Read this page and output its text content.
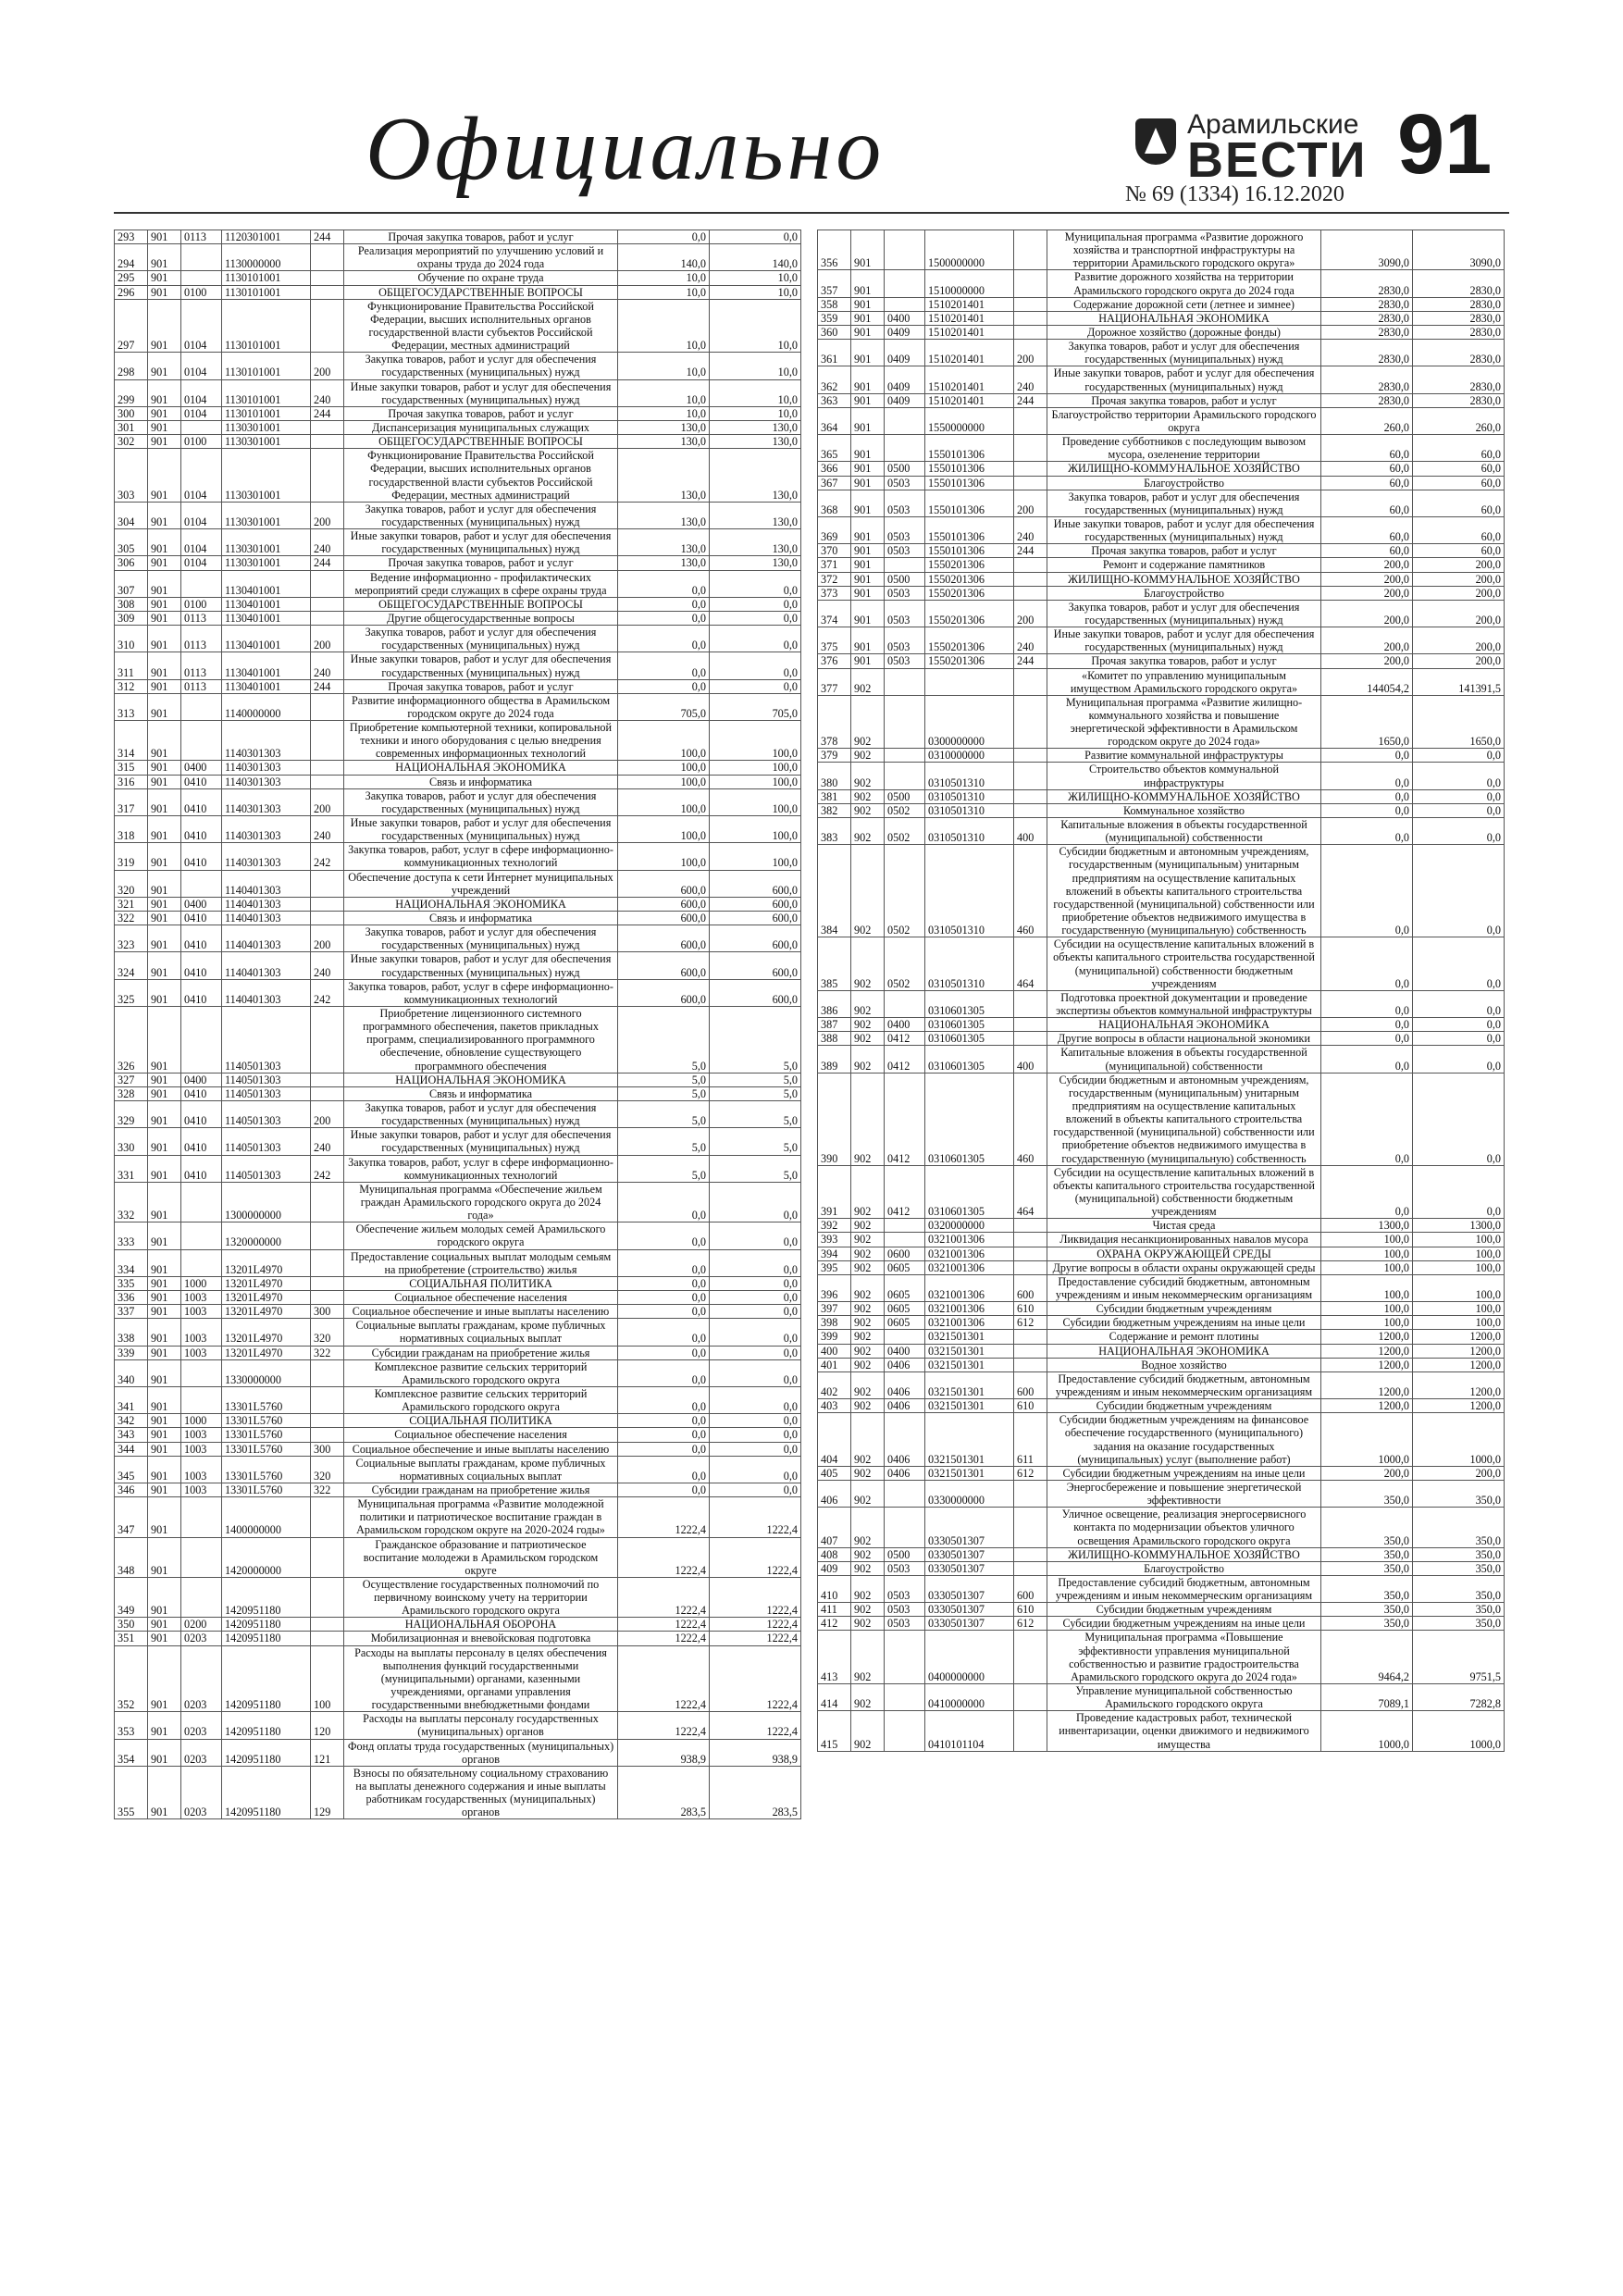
Официально	Арамильские
ВЕСТИ 91
№ 69 (1334) 16.12.2020
293	901	0113	1120301001	244	Прочая закупка товаров, работ и услуг	0,0	0,0
294	901		1130000000		Реализация мероприятий по улучшению условий и охраны труда до 2024 года	140,0	140,0
295	901		1130101001		Обучение по охране труда	10,0	10,0
296	901	0100	1130101001		ОБЩЕГОСУДАРСТВЕННЫЕ ВОПРОСЫ	10,0	10,0
297	901	0104	1130101001		Функционирование Правительства Российской Федерации, высших исполнительных органов государственной власти субъектов Российской Федерации, местных администраций	10,0	10,0
298	901	0104	1130101001	200	Закупка товаров, работ и услуг для обеспечения государственных (муниципальных) нужд	10,0	10,0
299	901	0104	1130101001	240	Иные закупки товаров, работ и услуг для обеспечения государственных (муниципальных) нужд	10,0	10,0
300	901	0104	1130101001	244	Прочая закупка товаров, работ и услуг	10,0	10,0
301	901		1130301001		Диспансеризация муниципальных служащих	130,0	130,0
302	901	0100	1130301001		ОБЩЕГОСУДАРСТВЕННЫЕ ВОПРОСЫ	130,0	130,0
303	901	0104	1130301001		Функционирование Правительства Российской Федерации, высших исполнительных органов государственной власти субъектов Российской Федерации, местных администраций	130,0	130,0
304	901	0104	1130301001	200	Закупка товаров, работ и услуг для обеспечения государственных (муниципальных) нужд	130,0	130,0
305	901	0104	1130301001	240	Иные закупки товаров, работ и услуг для обеспечения государственных (муниципальных) нужд	130,0	130,0
306	901	0104	1130301001	244	Прочая закупка товаров, работ и услуг	130,0	130,0
307	901		1130401001		Ведение информационно - профилактических мероприятий среди служащих в сфере охраны труда	0,0	0,0
308	901	0100	1130401001		ОБЩЕГОСУДАРСТВЕННЫЕ ВОПРОСЫ	0,0	0,0
309	901	0113	1130401001		Другие общегосударственные вопросы	0,0	0,0
310	901	0113	1130401001	200	Закупка товаров, работ и услуг для обеспечения государственных (муниципальных) нужд	0,0	0,0
311	901	0113	1130401001	240	Иные закупки товаров, работ и услуг для обеспечения государственных (муниципальных) нужд	0,0	0,0
312	901	0113	1130401001	244	Прочая закупка товаров, работ и услуг	0,0	0,0
313	901		1140000000		Развитие информационного общества в Арамильском городском округе до 2024 года	705,0	705,0
314	901		1140301303		Приобретение компьютерной техники, копировальной техники и иного оборудования с целью внедрения современных информационных технологий	100,0	100,0
315	901	0400	1140301303		НАЦИОНАЛЬНАЯ ЭКОНОМИКА	100,0	100,0
316	901	0410	1140301303		Связь и информатика	100,0	100,0
317	901	0410	1140301303	200	Закупка товаров, работ и услуг для обеспечения государственных (муниципальных) нужд	100,0	100,0
318	901	0410	1140301303	240	Иные закупки товаров, работ и услуг для обеспечения государственных (муниципальных) нужд	100,0	100,0
319	901	0410	1140301303	242	Закупка товаров, работ, услуг в сфере информационно-коммуникационных технологий	100,0	100,0
320	901		1140401303		Обеспечение доступа к сети Интернет муниципальных учреждений	600,0	600,0
321	901	0400	1140401303		НАЦИОНАЛЬНАЯ ЭКОНОМИКА	600,0	600,0
322	901	0410	1140401303		Связь и информатика	600,0	600,0
323	901	0410	1140401303	200	Закупка товаров, работ и услуг для обеспечения государственных (муниципальных) нужд	600,0	600,0
324	901	0410	1140401303	240	Иные закупки товаров, работ и услуг для обеспечения государственных (муниципальных) нужд	600,0	600,0
325	901	0410	1140401303	242	Закупка товаров, работ, услуг в сфере информационно-коммуникационных технологий	600,0	600,0
326	901		1140501303		Приобретение лицензионного системного программного обеспечения, пакетов прикладных программ, специализированного программного обеспечение, обновление существующего программного обеспечения	5,0	5,0
327	901	0400	1140501303		НАЦИОНАЛЬНАЯ ЭКОНОМИКА	5,0	5,0
328	901	0410	1140501303		Связь и информатика	5,0	5,0
329	901	0410	1140501303	200	Закупка товаров, работ и услуг для обеспечения государственных (муниципальных) нужд	5,0	5,0
330	901	0410	1140501303	240	Иные закупки товаров, работ и услуг для обеспечения государственных (муниципальных) нужд	5,0	5,0
331	901	0410	1140501303	242	Закупка товаров, работ, услуг в сфере информационно-коммуникационных технологий	5,0	5,0
332	901		1300000000		Муниципальная программа «Обеспечение жильем граждан Арамильского городского округа до 2024 года»	0,0	0,0
333	901		1320000000		Обеспечение жильем молодых семей Арамильского городского округа	0,0	0,0
334	901		13201L4970		Предоставление социальных выплат молодым семьям на приобретение (строительство) жилья	0,0	0,0
335	901	1000	13201L4970		СОЦИАЛЬНАЯ ПОЛИТИКА	0,0	0,0
336	901	1003	13201L4970		Социальное обеспечение населения	0,0	0,0
337	901	1003	13201L4970	300	Социальное обеспечение и иные выплаты населению	0,0	0,0
338	901	1003	13201L4970	320	Социальные выплаты гражданам, кроме публичных нормативных социальных выплат	0,0	0,0
339	901	1003	13201L4970	322	Субсидии гражданам на приобретение жилья	0,0	0,0
340	901		1330000000		Комплексное развитие сельских территорий Арамильского городского округа	0,0	0,0
341	901		13301L5760		Комплексное развитие сельских территорий Арамильского городского округа	0,0	0,0
342	901	1000	13301L5760		СОЦИАЛЬНАЯ ПОЛИТИКА	0,0	0,0
343	901	1003	13301L5760		Социальное обеспечение населения	0,0	0,0
344	901	1003	13301L5760	300	Социальное обеспечение и иные выплаты населению	0,0	0,0
345	901	1003	13301L5760	320	Социальные выплаты гражданам, кроме публичных нормативных социальных выплат	0,0	0,0
346	901	1003	13301L5760	322	Субсидии гражданам на приобретение жилья	0,0	0,0
347	901		1400000000		Муниципальная программа «Развитие молодежной политики и патриотическое воспитание граждан в Арамильском городском округе на 2020-2024 годы»	1222,4	1222,4
348	901		1420000000		Гражданское образование и патриотическое воспитание молодежи в Арамильском городском округе	1222,4	1222,4
349	901		1420951180		Осуществление государственных полномочий по первичному воинскому учету на территории Арамильского городского округа	1222,4	1222,4
350	901	0200	1420951180		НАЦИОНАЛЬНАЯ ОБОРОНА	1222,4	1222,4
351	901	0203	1420951180		Мобилизационная и вневойсковая подготовка	1222,4	1222,4
352	901	0203	1420951180	100	Расходы на выплаты персоналу в целях обеспечения выполнения функций государственными (муниципальными) органами, казенными учреждениями, органами управления государственными внебюджетными фондами	1222,4	1222,4
353	901	0203	1420951180	120	Расходы на выплаты персоналу государственных (муниципальных) органов	1222,4	1222,4
354	901	0203	1420951180	121	Фонд оплаты труда государственных (муниципальных) органов	938,9	938,9
355	901	0203	1420951180	129	Взносы по обязательному социальному страхованию на выплаты денежного содержания и иные выплаты работникам государственных (муниципальных) органов	283,5	283,5
356	901		1500000000		Муниципальная программа «Развитие дорожного хозяйства и транспортной инфраструктуры на территории Арамильского городского округа»	3090,0	3090,0
357	901		1510000000		Развитие дорожного хозяйства на территории Арамильского городского округа до 2024 года	2830,0	2830,0
358	901		1510201401		Содержание дорожной сети (летнее и зимнее)	2830,0	2830,0
359	901	0400	1510201401		НАЦИОНАЛЬНАЯ ЭКОНОМИКА	2830,0	2830,0
360	901	0409	1510201401		Дорожное хозяйство (дорожные фонды)	2830,0	2830,0
361	901	0409	1510201401	200	Закупка товаров, работ и услуг для обеспечения государственных (муниципальных) нужд	2830,0	2830,0
362	901	0409	1510201401	240	Иные закупки товаров, работ и услуг для обеспечения государственных (муниципальных) нужд	2830,0	2830,0
363	901	0409	1510201401	244	Прочая закупка товаров, работ и услуг	2830,0	2830,0
364	901		1550000000		Благоустройство территории Арамильского городского округа	260,0	260,0
365	901		1550101306		Проведение субботников с последующим вывозом мусора, озеленение территории	60,0	60,0
366	901	0500	1550101306		ЖИЛИЩНО-КОММУНАЛЬНОЕ ХОЗЯЙСТВО	60,0	60,0
367	901	0503	1550101306		Благоустройство	60,0	60,0
368	901	0503	1550101306	200	Закупка товаров, работ и услуг для обеспечения государственных (муниципальных) нужд	60,0	60,0
369	901	0503	1550101306	240	Иные закупки товаров, работ и услуг для обеспечения государственных (муниципальных) нужд	60,0	60,0
370	901	0503	1550101306	244	Прочая закупка товаров, работ и услуг	60,0	60,0
371	901		1550201306		Ремонт и содержание памятников	200,0	200,0
372	901	0500	1550201306		ЖИЛИЩНО-КОММУНАЛЬНОЕ ХОЗЯЙСТВО	200,0	200,0
373	901	0503	1550201306		Благоустройство	200,0	200,0
374	901	0503	1550201306	200	Закупка товаров, работ и услуг для обеспечения государственных (муниципальных) нужд	200,0	200,0
375	901	0503	1550201306	240	Иные закупки товаров, работ и услуг для обеспечения государственных (муниципальных) нужд	200,0	200,0
376	901	0503	1550201306	244	Прочая закупка товаров, работ и услуг	200,0	200,0
377	902				«Комитет по управлению муниципальным имуществом Арамильского городского округа»	144054,2	141391,5
378	902		0300000000		Муниципальная программа «Развитие жилищно-коммунального хозяйства и повышение энергетической эффективности в Арамильском городском округе до 2024 года»	1650,0	1650,0
379	902		0310000000		Развитие коммунальной инфраструктуры	0,0	0,0
380	902		0310501310		Строительство объектов коммунальной инфраструктуры	0,0	0,0
381	902	0500	0310501310		ЖИЛИЩНО-КОММУНАЛЬНОЕ ХОЗЯЙСТВО	0,0	0,0
382	902	0502	0310501310		Коммунальное хозяйство	0,0	0,0
383	902	0502	0310501310	400	Капитальные вложения в объекты государственной (муниципальной) собственности	0,0	0,0
384	902	0502	0310501310	460	Субсидии бюджетным и автономным учреждениям, государственным (муниципальным) унитарным предприятиям на осуществление капитальных вложений в объекты капитального строительства государственной (муниципальной) собственности или приобретение объектов недвижимого имущества в государственную (муниципальную) собственность	0,0	0,0
385	902	0502	0310501310	464	Субсидии на осуществление капитальных вложений в объекты капитального строительства государственной (муниципальной) собственности бюджетным учреждениям	0,0	0,0
386	902		0310601305		Подготовка проектной документации и проведение экспертизы объектов коммунальной инфраструктуры	0,0	0,0
387	902	0400	0310601305		НАЦИОНАЛЬНАЯ ЭКОНОМИКА	0,0	0,0
388	902	0412	0310601305		Другие вопросы в области национальной экономики	0,0	0,0
389	902	0412	0310601305	400	Капитальные вложения в объекты государственной (муниципальной) собственности	0,0	0,0
390	902	0412	0310601305	460	Субсидии бюджетным и автономным учреждениям, государственным (муниципальным) унитарным предприятиям на осуществление капитальных вложений в объекты капитального строительства государственной (муниципальной) собственности или приобретение объектов недвижимого имущества в государственную (муниципальную) собственность	0,0	0,0
391	902	0412	0310601305	464	Субсидии на осуществление капитальных вложений в объекты капитального строительства государственной (муниципальной) собственности бюджетным учреждениям	0,0	0,0
392	902		0320000000		Чистая среда	1300,0	1300,0
393	902		0321001306		Ликвидация несанкционированных навалов мусора	100,0	100,0
394	902	0600	0321001306		ОХРАНА ОКРУЖАЮЩЕЙ СРЕДЫ	100,0	100,0
395	902	0605	0321001306		Другие вопросы в области охраны окружающей среды	100,0	100,0
396	902	0605	0321001306	600	Предоставление субсидий бюджетным, автономным учреждениям и иным некоммерческим организациям	100,0	100,0
397	902	0605	0321001306	610	Субсидии бюджетным учреждениям	100,0	100,0
398	902	0605	0321001306	612	Субсидии бюджетным учреждениям на иные цели	100,0	100,0
399	902		0321501301		Содержание и ремонт плотины	1200,0	1200,0
400	902	0400	0321501301		НАЦИОНАЛЬНАЯ ЭКОНОМИКА	1200,0	1200,0
401	902	0406	0321501301		Водное хозяйство	1200,0	1200,0
402	902	0406	0321501301	600	Предоставление субсидий бюджетным, автономным учреждениям и иным некоммерческим организациям	1200,0	1200,0
403	902	0406	0321501301	610	Субсидии бюджетным учреждениям	1200,0	1200,0
404	902	0406	0321501301	611	Субсидии бюджетным учреждениям на финансовое обеспечение государственного (муниципального) задания на оказание государственных (муниципальных) услуг (выполнение работ)	1000,0	1000,0
405	902	0406	0321501301	612	Субсидии бюджетным учреждениям на иные цели	200,0	200,0
406	902		0330000000		Энергосбережение и повышение энергетической эффективности	350,0	350,0
407	902		0330501307		Уличное освещение, реализация энергосервисного контакта по модернизации объектов уличного освещения Арамильского городского округа	350,0	350,0
408	902	0500	0330501307		ЖИЛИЩНО-КОММУНАЛЬНОЕ ХОЗЯЙСТВО	350,0	350,0
409	902	0503	0330501307		Благоустройство	350,0	350,0
410	902	0503	0330501307	600	Предоставление субсидий бюджетным, автономным учреждениям и иным некоммерческим организациям	350,0	350,0
411	902	0503	0330501307	610	Субсидии бюджетным учреждениям	350,0	350,0
412	902	0503	0330501307	612	Субсидии бюджетным учреждениям на иные цели	350,0	350,0
413	902		0400000000		Муниципальная программа «Повышение эффективности управления муниципальной собственностью и развитие градостроительства Арамильского городского округа до 2024 года»	9464,2	9751,5
414	902		0410000000		Управление муниципальной собственностью Арамильского городского округа	7089,1	7282,8
415	902		0410101104		Проведение кадастровых работ, технической инвентаризации, оценки движимого и недвижимого имущества	1000,0	1000,0
